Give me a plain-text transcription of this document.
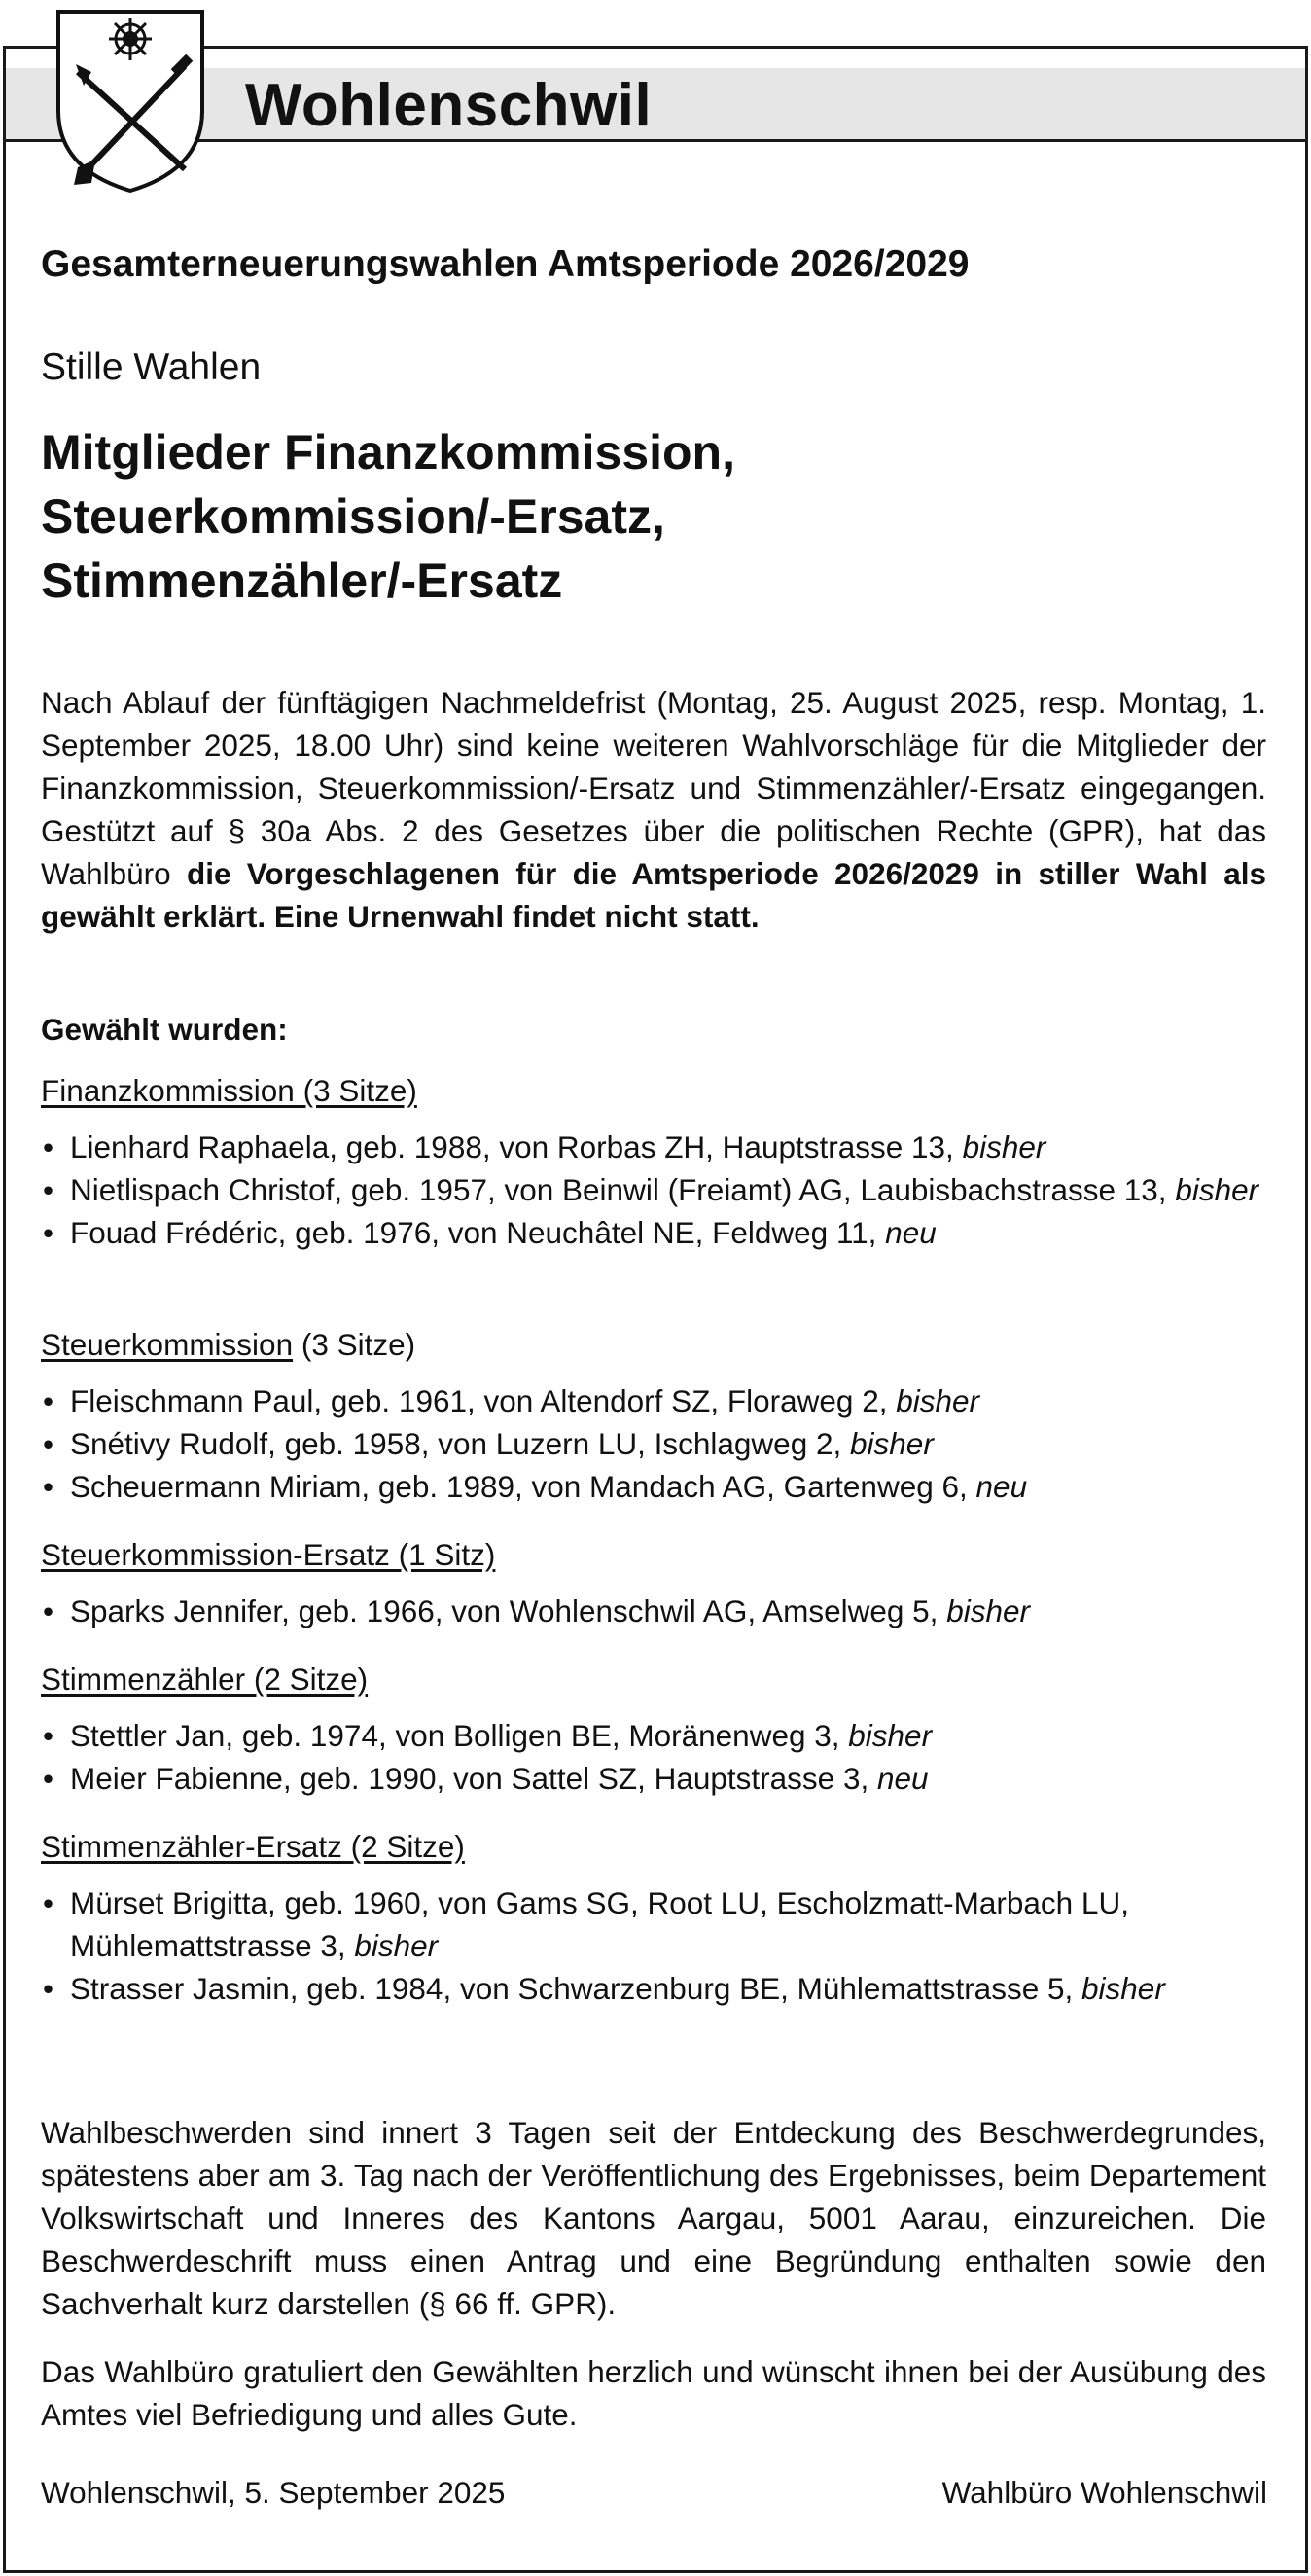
Wohlenschwil
Gesamterneuerungswahlen Amtsperiode 2026/2029
Stille Wahlen
Mitglieder Finanzkommission,
Steuerkommission/-Ersatz,
Stimmenzähler/-Ersatz
Nach Ablauf der fünftägigen Nachmeldefrist (Montag, 25. August 2025, resp. Montag, 1. September 2025, 18.00 Uhr) sind keine weiteren Wahlvorschläge für die Mitglieder der Finanzkommission, Steuerkommission/-Ersatz und Stimmenzähler/-Ersatz eingegangen. Gestützt auf § 30a Abs. 2 des Gesetzes über die politischen Rechte (GPR), hat das Wahlbüro die Vorgeschlagenen für die Amtsperiode 2026/2029 in stiller Wahl als gewählt erklärt. Eine Urnenwahl findet nicht statt.
Gewählt wurden:
Finanzkommission (3 Sitze)
• Lienhard Raphaela, geb. 1988, von Rorbas ZH, Hauptstrasse 13, bisher
• Nietlispach Christof, geb. 1957, von Beinwil (Freiamt) AG, Laubisbachstrasse 13, bisher
• Fouad Frédéric, geb. 1976, von Neuchâtel NE, Feldweg 11, neu
Steuerkommission (3 Sitze)
• Fleischmann Paul, geb. 1961, von Altendorf SZ, Floraweg 2, bisher
• Snétivy Rudolf, geb. 1958, von Luzern LU, Ischlagweg 2, bisher
• Scheuermann Miriam, geb. 1989, von Mandach AG, Gartenweg 6, neu
Steuerkommission-Ersatz (1 Sitz)
• Sparks Jennifer, geb. 1966, von Wohlenschwil AG, Amselweg 5, bisher
Stimmenzähler (2 Sitze)
• Stettler Jan, geb. 1974, von Bolligen BE, Moränenweg 3, bisher
• Meier Fabienne, geb. 1990, von Sattel SZ, Hauptstrasse 3, neu
Stimmenzähler-Ersatz (2 Sitze)
• Mürset Brigitta, geb. 1960, von Gams SG, Root LU, Escholzmatt-Marbach LU, Mühlemattstrasse 3, bisher
• Strasser Jasmin, geb. 1984, von Schwarzenburg BE, Mühlemattstrasse 5, bisher
Wahlbeschwerden sind innert 3 Tagen seit der Entdeckung des Beschwerdegrundes, spätestens aber am 3. Tag nach der Veröffentlichung des Ergebnisses, beim Departement Volkswirtschaft und Inneres des Kantons Aargau, 5001 Aarau, einzureichen. Die Beschwerdeschrift muss einen Antrag und eine Begründung enthalten sowie den Sachverhalt kurz darstellen (§ 66 ff. GPR).
Das Wahlbüro gratuliert den Gewählten herzlich und wünscht ihnen bei der Ausübung des Amtes viel Befriedigung und alles Gute.
Wohlenschwil, 5. September 2025	Wahlbüro Wohlenschwil
